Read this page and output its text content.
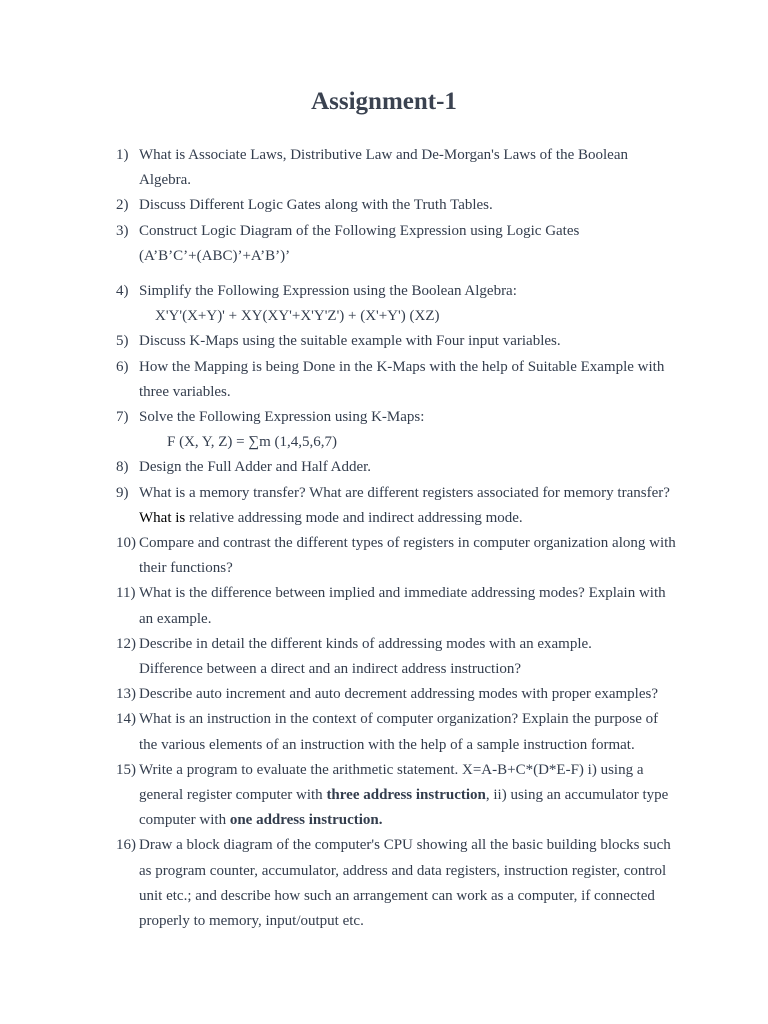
Assignment-1
1) What is Associate Laws, Distributive Law and De-Morgan's Laws of the Boolean Algebra.
2) Discuss Different Logic Gates along with the Truth Tables.
3) Construct Logic Diagram of the Following Expression using Logic Gates
(A’B’C’+(ABC)’+A’B’)’
4) Simplify the Following Expression using the Boolean Algebra:
X'Y'(X+Y)' + XY(XY'+X'Y'Z') + (X'+Y') (XZ)
5) Discuss K-Maps using the suitable example with Four input variables.
6) How the Mapping is being Done in the K-Maps with the help of Suitable Example with three variables.
7) Solve the Following Expression using K-Maps:
F (X, Y, Z) = ∑m (1,4,5,6,7)
8) Design the Full Adder and Half Adder.
9) What is a memory transfer? What are different registers associated for memory transfer? What is relative addressing mode and indirect addressing mode.
10) Compare and contrast the different types of registers in computer organization along with their functions?
11) What is the difference between implied and immediate addressing modes? Explain with an example.
12) Describe in detail the different kinds of addressing modes with an example.
Difference between a direct and an indirect address instruction?
13) Describe auto increment and auto decrement addressing modes with proper examples?
14) What is an instruction in the context of computer organization? Explain the purpose of the various elements of an instruction with the help of a sample instruction format.
15) Write a program to evaluate the arithmetic statement. X=A-B+C*(D*E-F) i) using a general register computer with three address instruction, ii) using an accumulator type computer with one address instruction.
16) Draw a block diagram of the computer's CPU showing all the basic building blocks such as program counter, accumulator, address and data registers, instruction register, control unit etc.; and describe how such an arrangement can work as a computer, if connected properly to memory, input/output etc.
